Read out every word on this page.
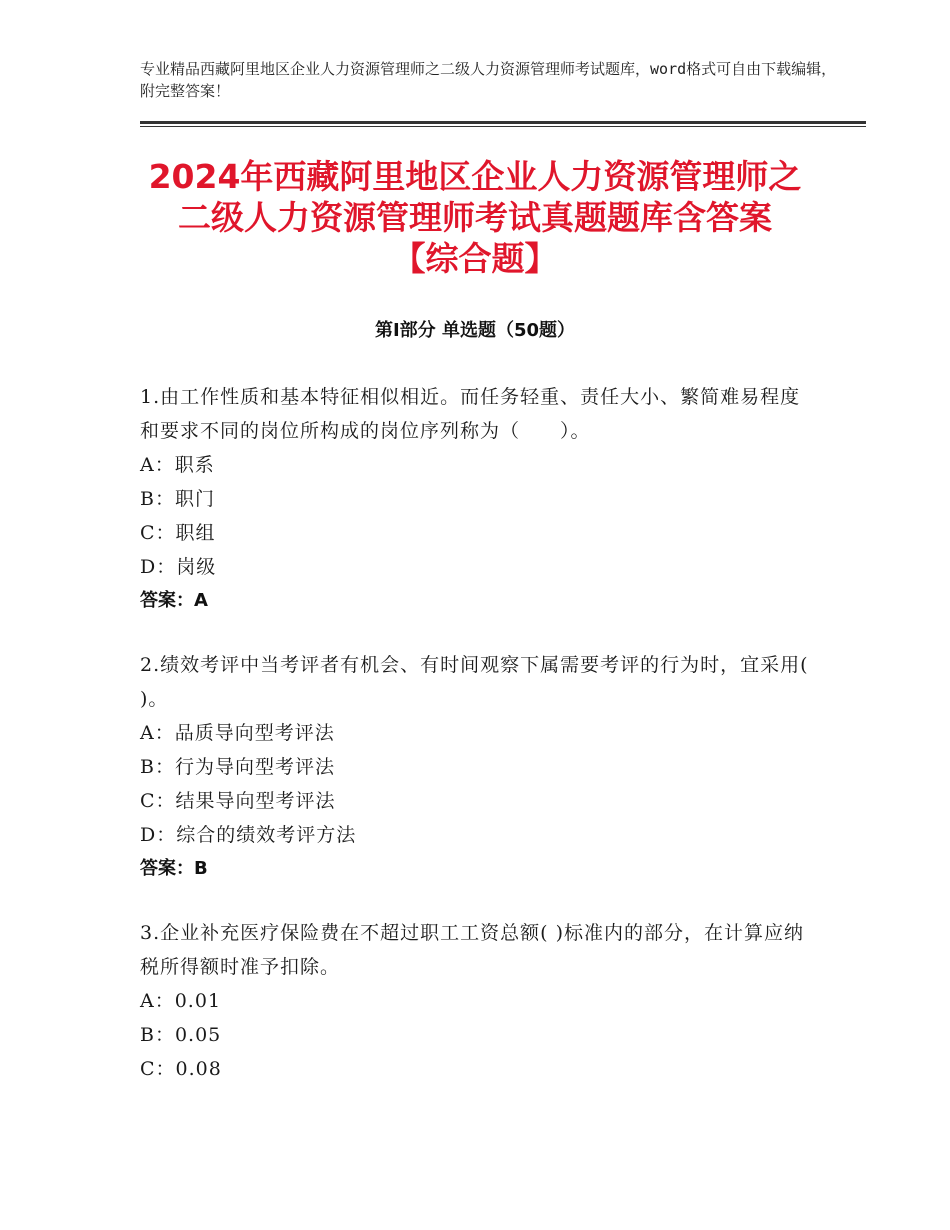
专业精品西藏阿里地区企业人力资源管理师之二级人力资源管理师考试题库，word格式可自由下载编辑，附完整答案！
2024年西藏阿里地区企业人力资源管理师之
二级人力资源管理师考试真题题库含答案
【综合题】
第Ⅰ部分 单选题（50题）
1.由工作性质和基本特征相似相近。而任务轻重、责任大小、繁简难易程度和要求不同的岗位所构成的岗位序列称为（　　）。
A：职系
B：职门
C：职组
D：岗级
答案：A
2.绩效考评中当考评者有机会、有时间观察下属需要考评的行为时，宜采用( )。
A：品质导向型考评法
B：行为导向型考评法
C：结果导向型考评法
D：综合的绩效考评方法
答案：B
3.企业补充医疗保险费在不超过职工工资总额( )标准内的部分，在计算应纳税所得额时准予扣除。
A：0.01
B：0.05
C：0.08
